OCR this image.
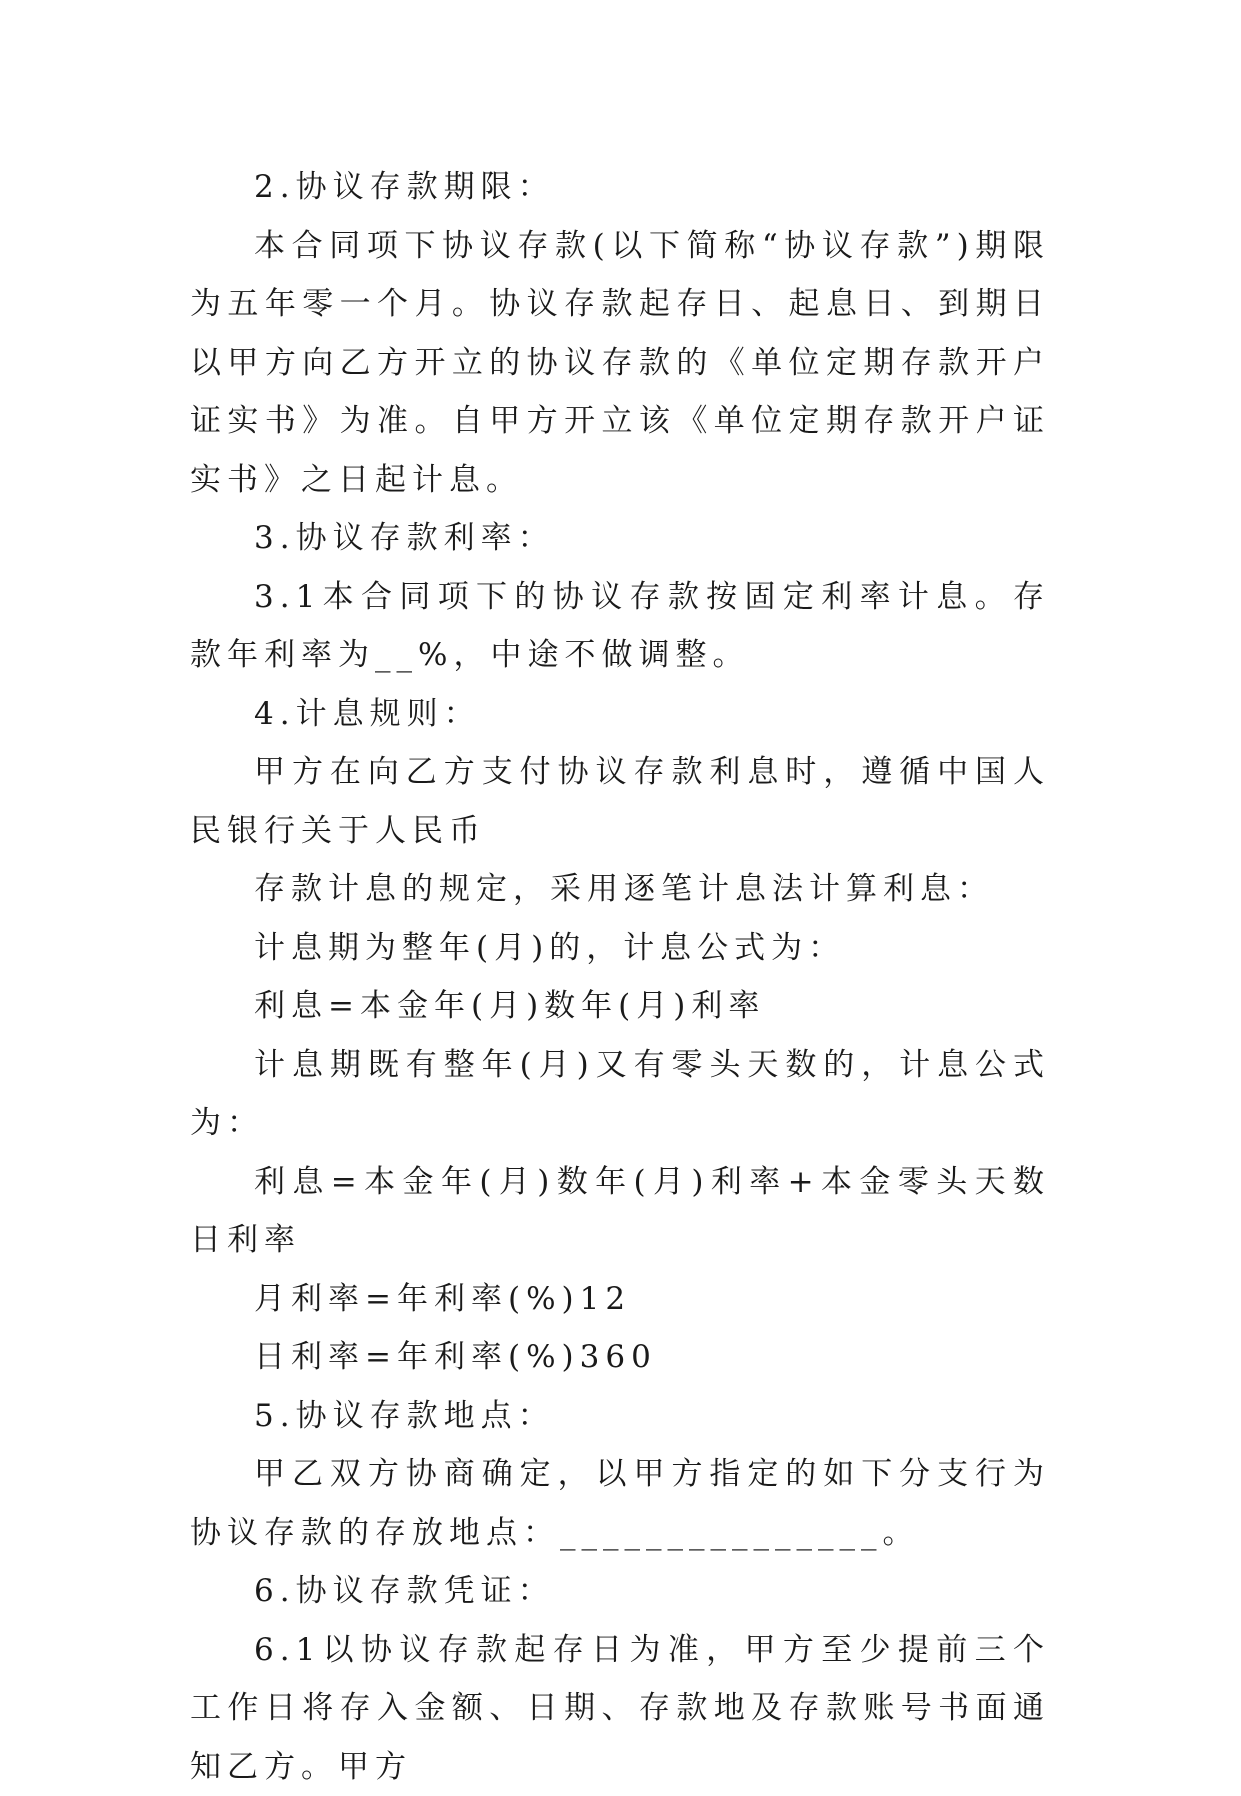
2.协议存款期限：

本合同项下协议存款(以下简称“协议存款”)期限为五年零一个月。协议存款起存日、起息日、到期日以甲方向乙方开立的协议存款的《单位定期存款开户证实书》为准。自甲方开立该《单位定期存款开户证实书》之日起计息。

3.协议存款利率：

3.1本合同项下的协议存款按固定利率计息。存款年利率为__%，中途不做调整。

4.计息规则：

甲方在向乙方支付协议存款利息时，遵循中国人民银行关于人民币

存款计息的规定，采用逐笔计息法计算利息：

计息期为整年(月)的，计息公式为：

利息=本金年(月)数年(月)利率

计息期既有整年(月)又有零头天数的，计息公式为：

利息=本金年(月)数年(月)利率+本金零头天数日利率

月利率=年利率(%)12

日利率=年利率(%)360

5.协议存款地点：

甲乙双方协商确定，以甲方指定的如下分支行为协议存款的存放地点：_______________。

6.协议存款凭证：

6.1以协议存款起存日为准，甲方至少提前三个工作日将存入金额、日期、存款地及存款账号书面通知乙方。甲方
